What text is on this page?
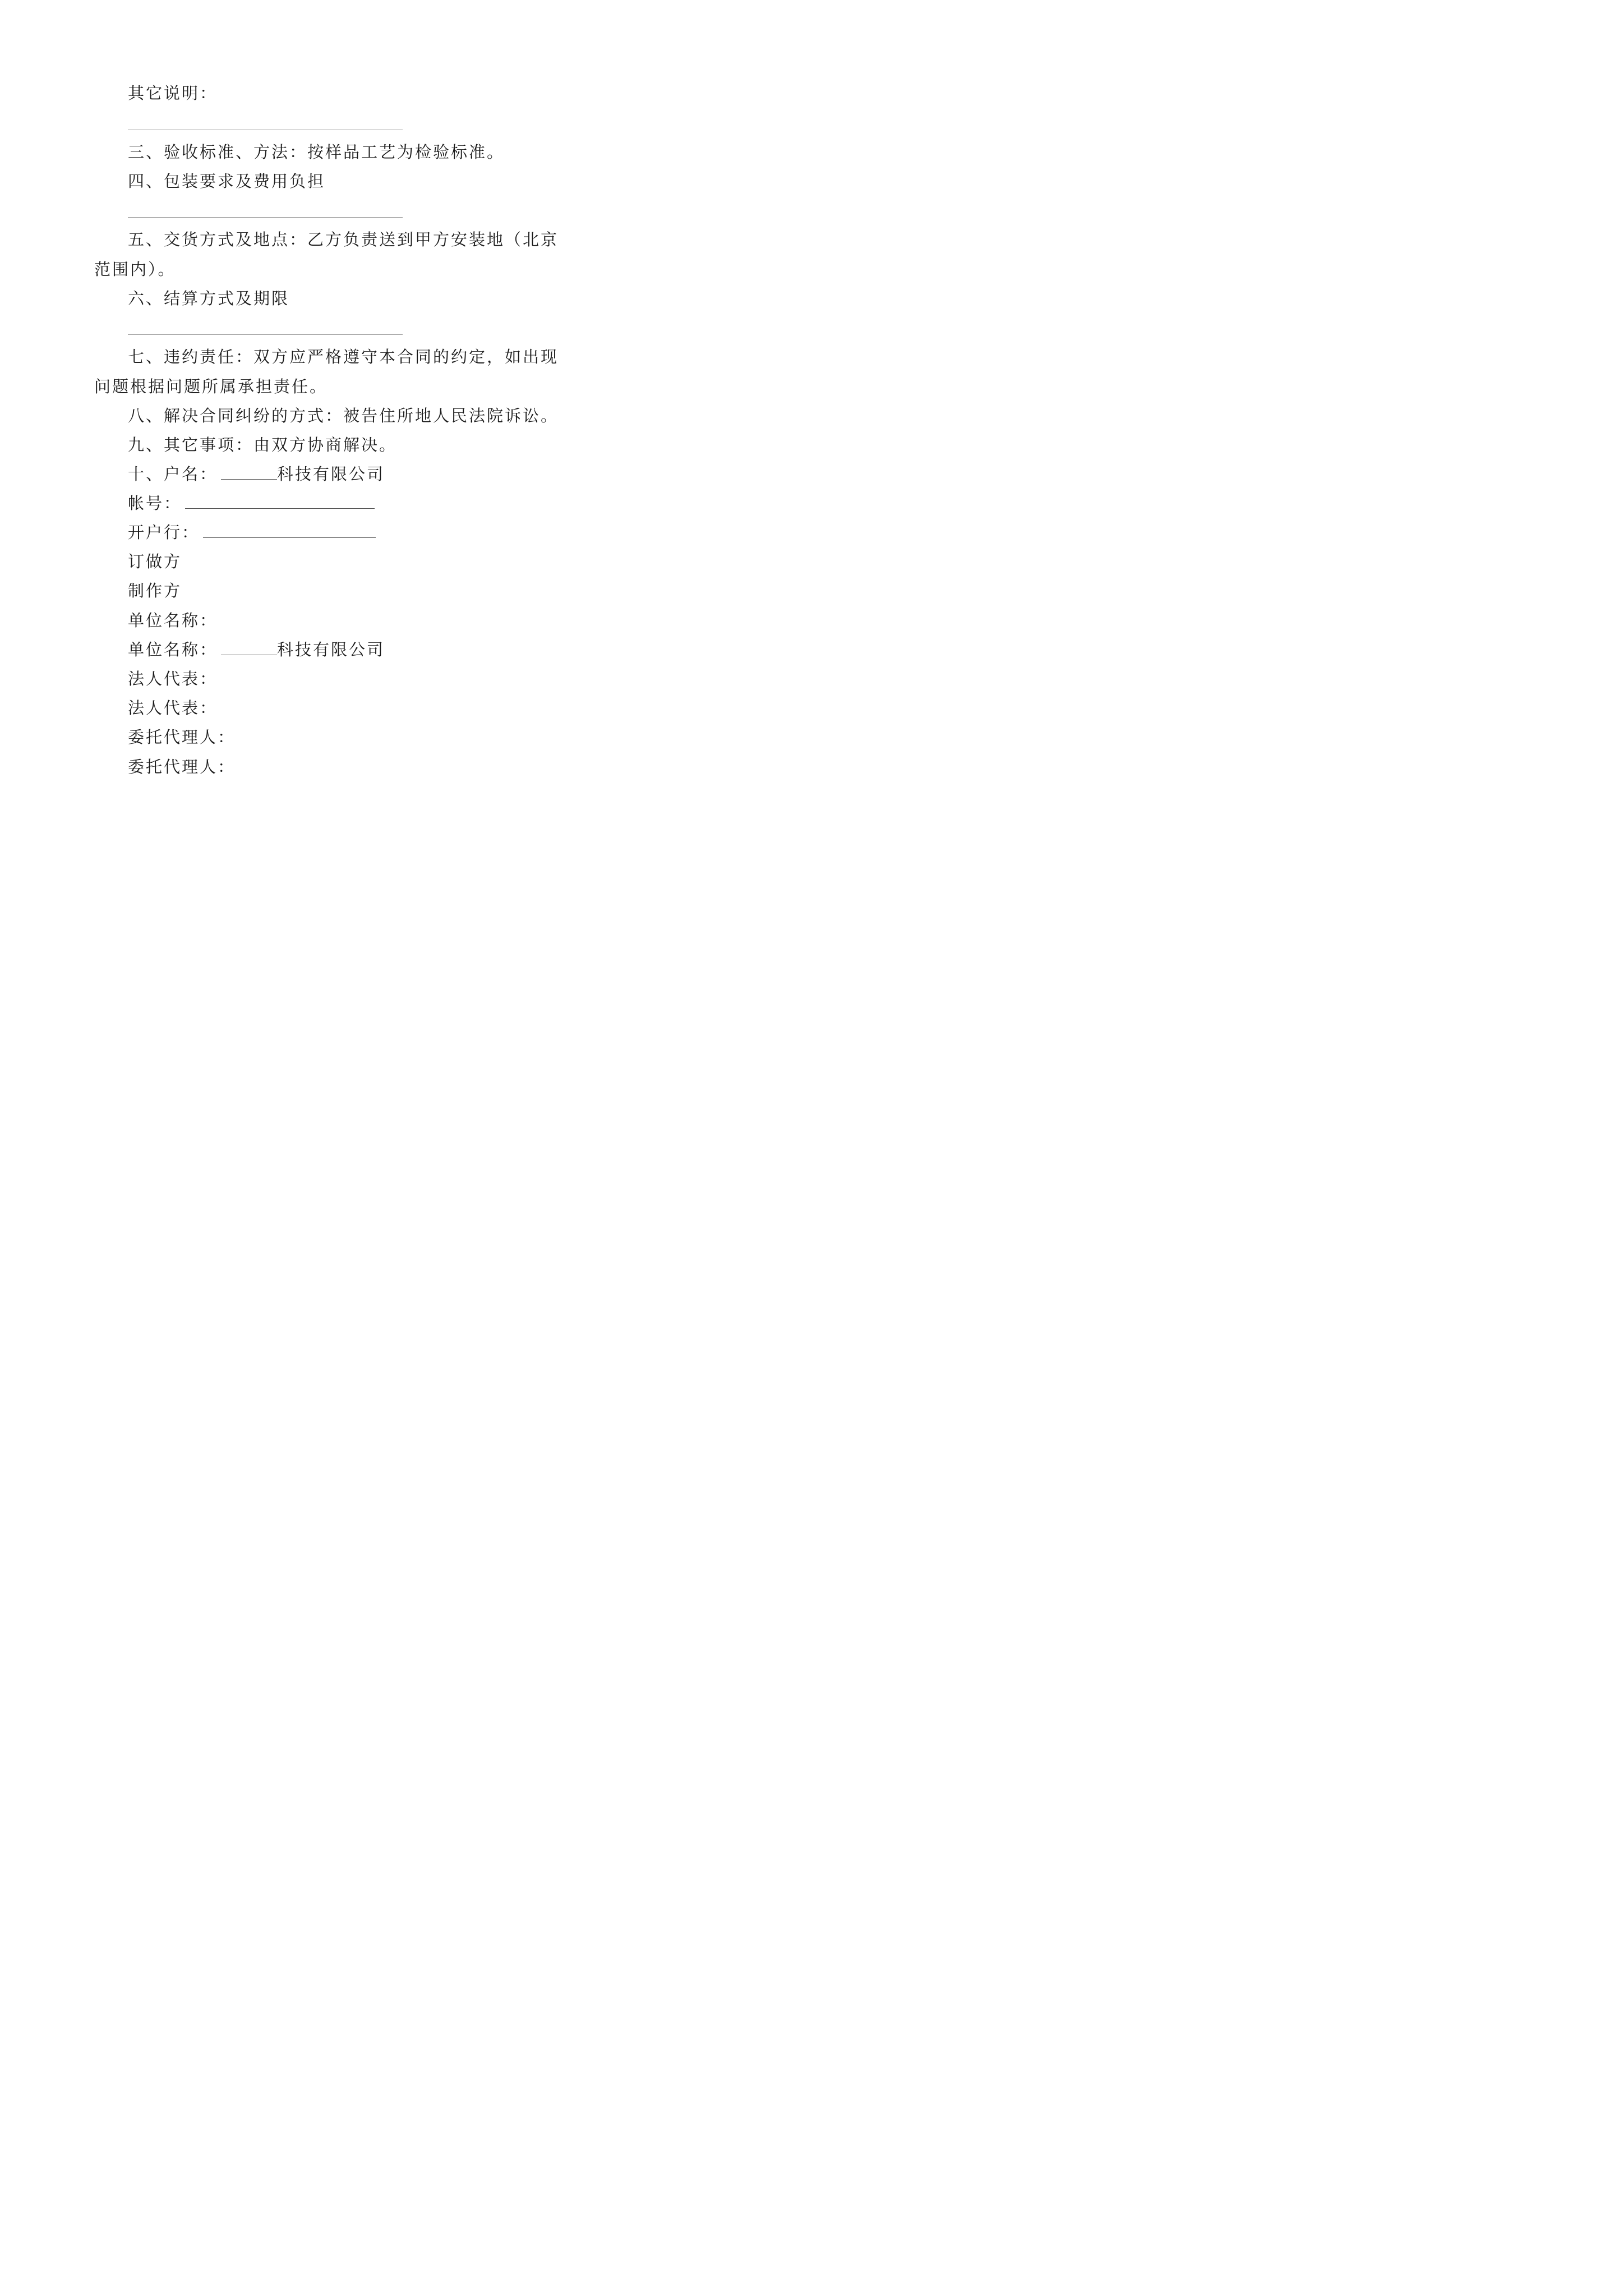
其它说明：
三、验收标准、方法：按样品工艺为检验标准。
四、包装要求及费用负担
五、交货方式及地点：乙方负责送到甲方安装地（北京
范围内）。
六、结算方式及期限
七、违约责任：双方应严格遵守本合同的约定，如出现
问题根据问题所属承担责任。
八、解决合同纠纷的方式：被告住所地人民法院诉讼。
九、其它事项：由双方协商解决。
十、户名：	科技有限公司
帐号：
开户行：
订做方
制作方
单位名称：
单位名称：	科技有限公司
法人代表：
法人代表：
委托代理人：
委托代理人：
